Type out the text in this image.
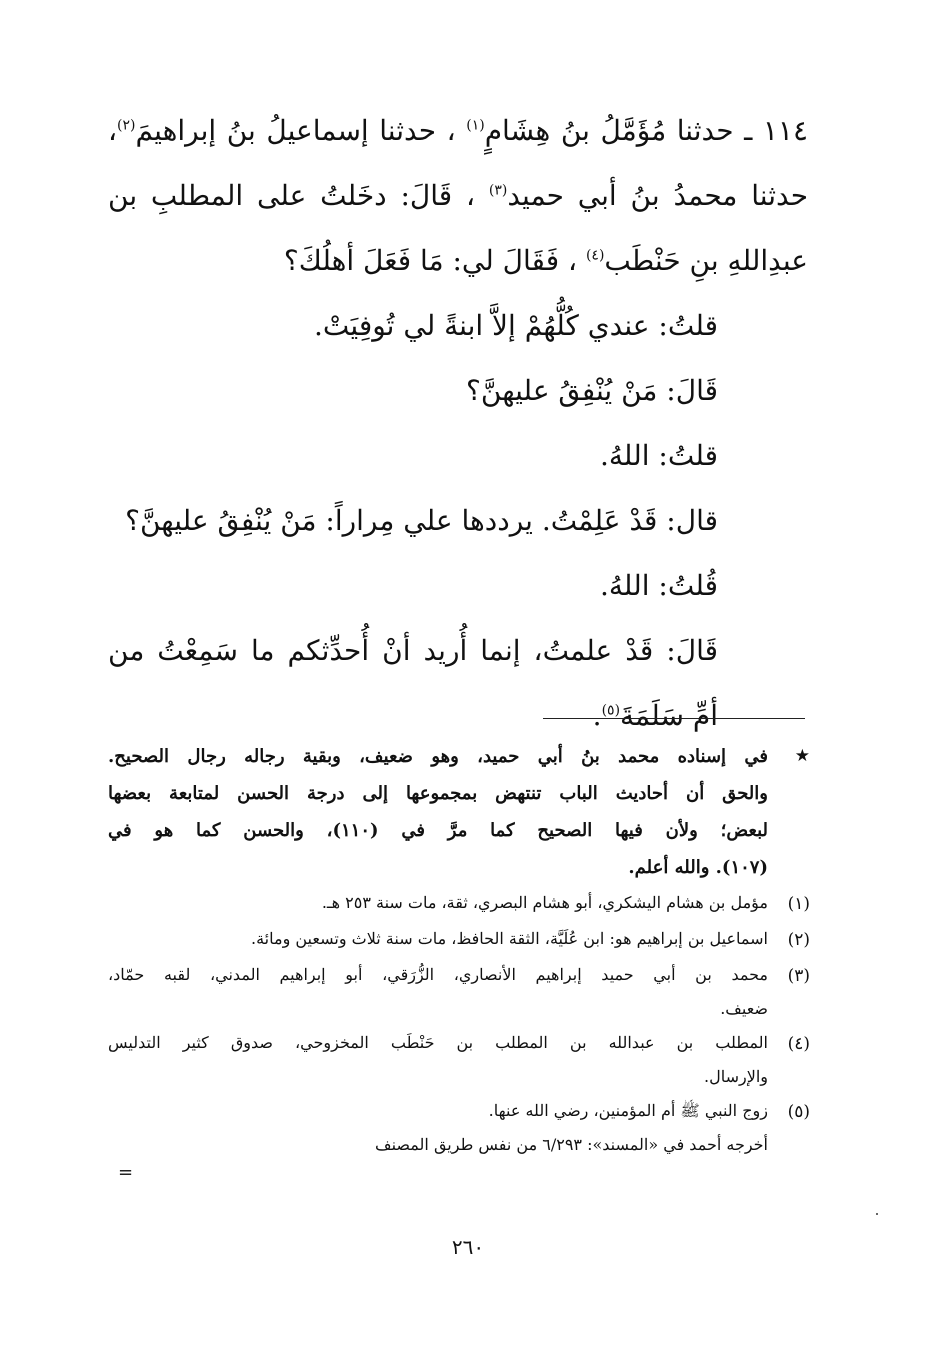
١١٤ ـ حدثنا مُؤَمَّلُ بنُ هِشَامٍ$^{(١)}$ ، حدثنا إسماعيلُ بنُ إبراهيمَ$^{(٢)}$،
حدثنا محمدُ بنُ أبي حميد$^{(٣)}$ ، قَالَ: دخَلتُ على المطلبِ بن
عبدِاللهِ بنِ حَنْطَب$^{(٤)}$ ، فَقَالَ لي: مَا فَعَلَ أهلُكَ؟
قلتُ: عندي كُلُّهُمْ إلاَّ ابنةً لي تُوفِيَتْ.
قَالَ: مَنْ يُنْفِقُ عليهنَّ؟
قلتُ: اللهُ.
قال: قَدْ عَلِمْتُ. يرددها علي مِراراً: مَنْ يُنْفِقُ عليهنَّ؟
قُلتُ: اللهُ.
قَالَ: قَدْ علمتُ، إنما أُريد أنْ أُحدِّثكم ما سَمِعْتُ من
أمِّ سَلَمَةَ$^{(٥)}$.
★
في إسناده محمد بنُ أبي حميد، وهو ضعيف، وبقية رجاله رجال الصحيح.
والحق أن أحاديث الباب تنتهض بمجموعها إلى درجة الحسن لمتابعة بعضها
لبعض؛ ولأن فيها الصحيح كما مرَّ في (١١٠)، والحسن كما هو في
(١٠٧). والله أعلم.
(١)
مؤمل بن هشام اليشكري، أبو هشام البصري، ثقة، مات سنة ٢٥٣ هـ.
(٢)
اسماعيل بن إبراهيم هو: ابن عُلَيَّة، الثقة الحافظ، مات سنة ثلاث وتسعين ومائة.
(٣)
محمد بن أبي حميد إبراهيم الأنصاري، الزُّرَقي، أبو إبراهيم المدني، لقبه حمّاد،
ضعيف.
(٤)
المطلب بن عبدالله بن المطلب بن حَنْطَب المخزوحي، صدوق كثير التدليس
والإرسال.
(٥)
زوج النبي ﷺ أم المؤمنين، رضي الله عنها.
أخرجه أحمد في «المسند»: ٦/٢٩٣ من نفس طريق المصنف
=
٢٦٠
